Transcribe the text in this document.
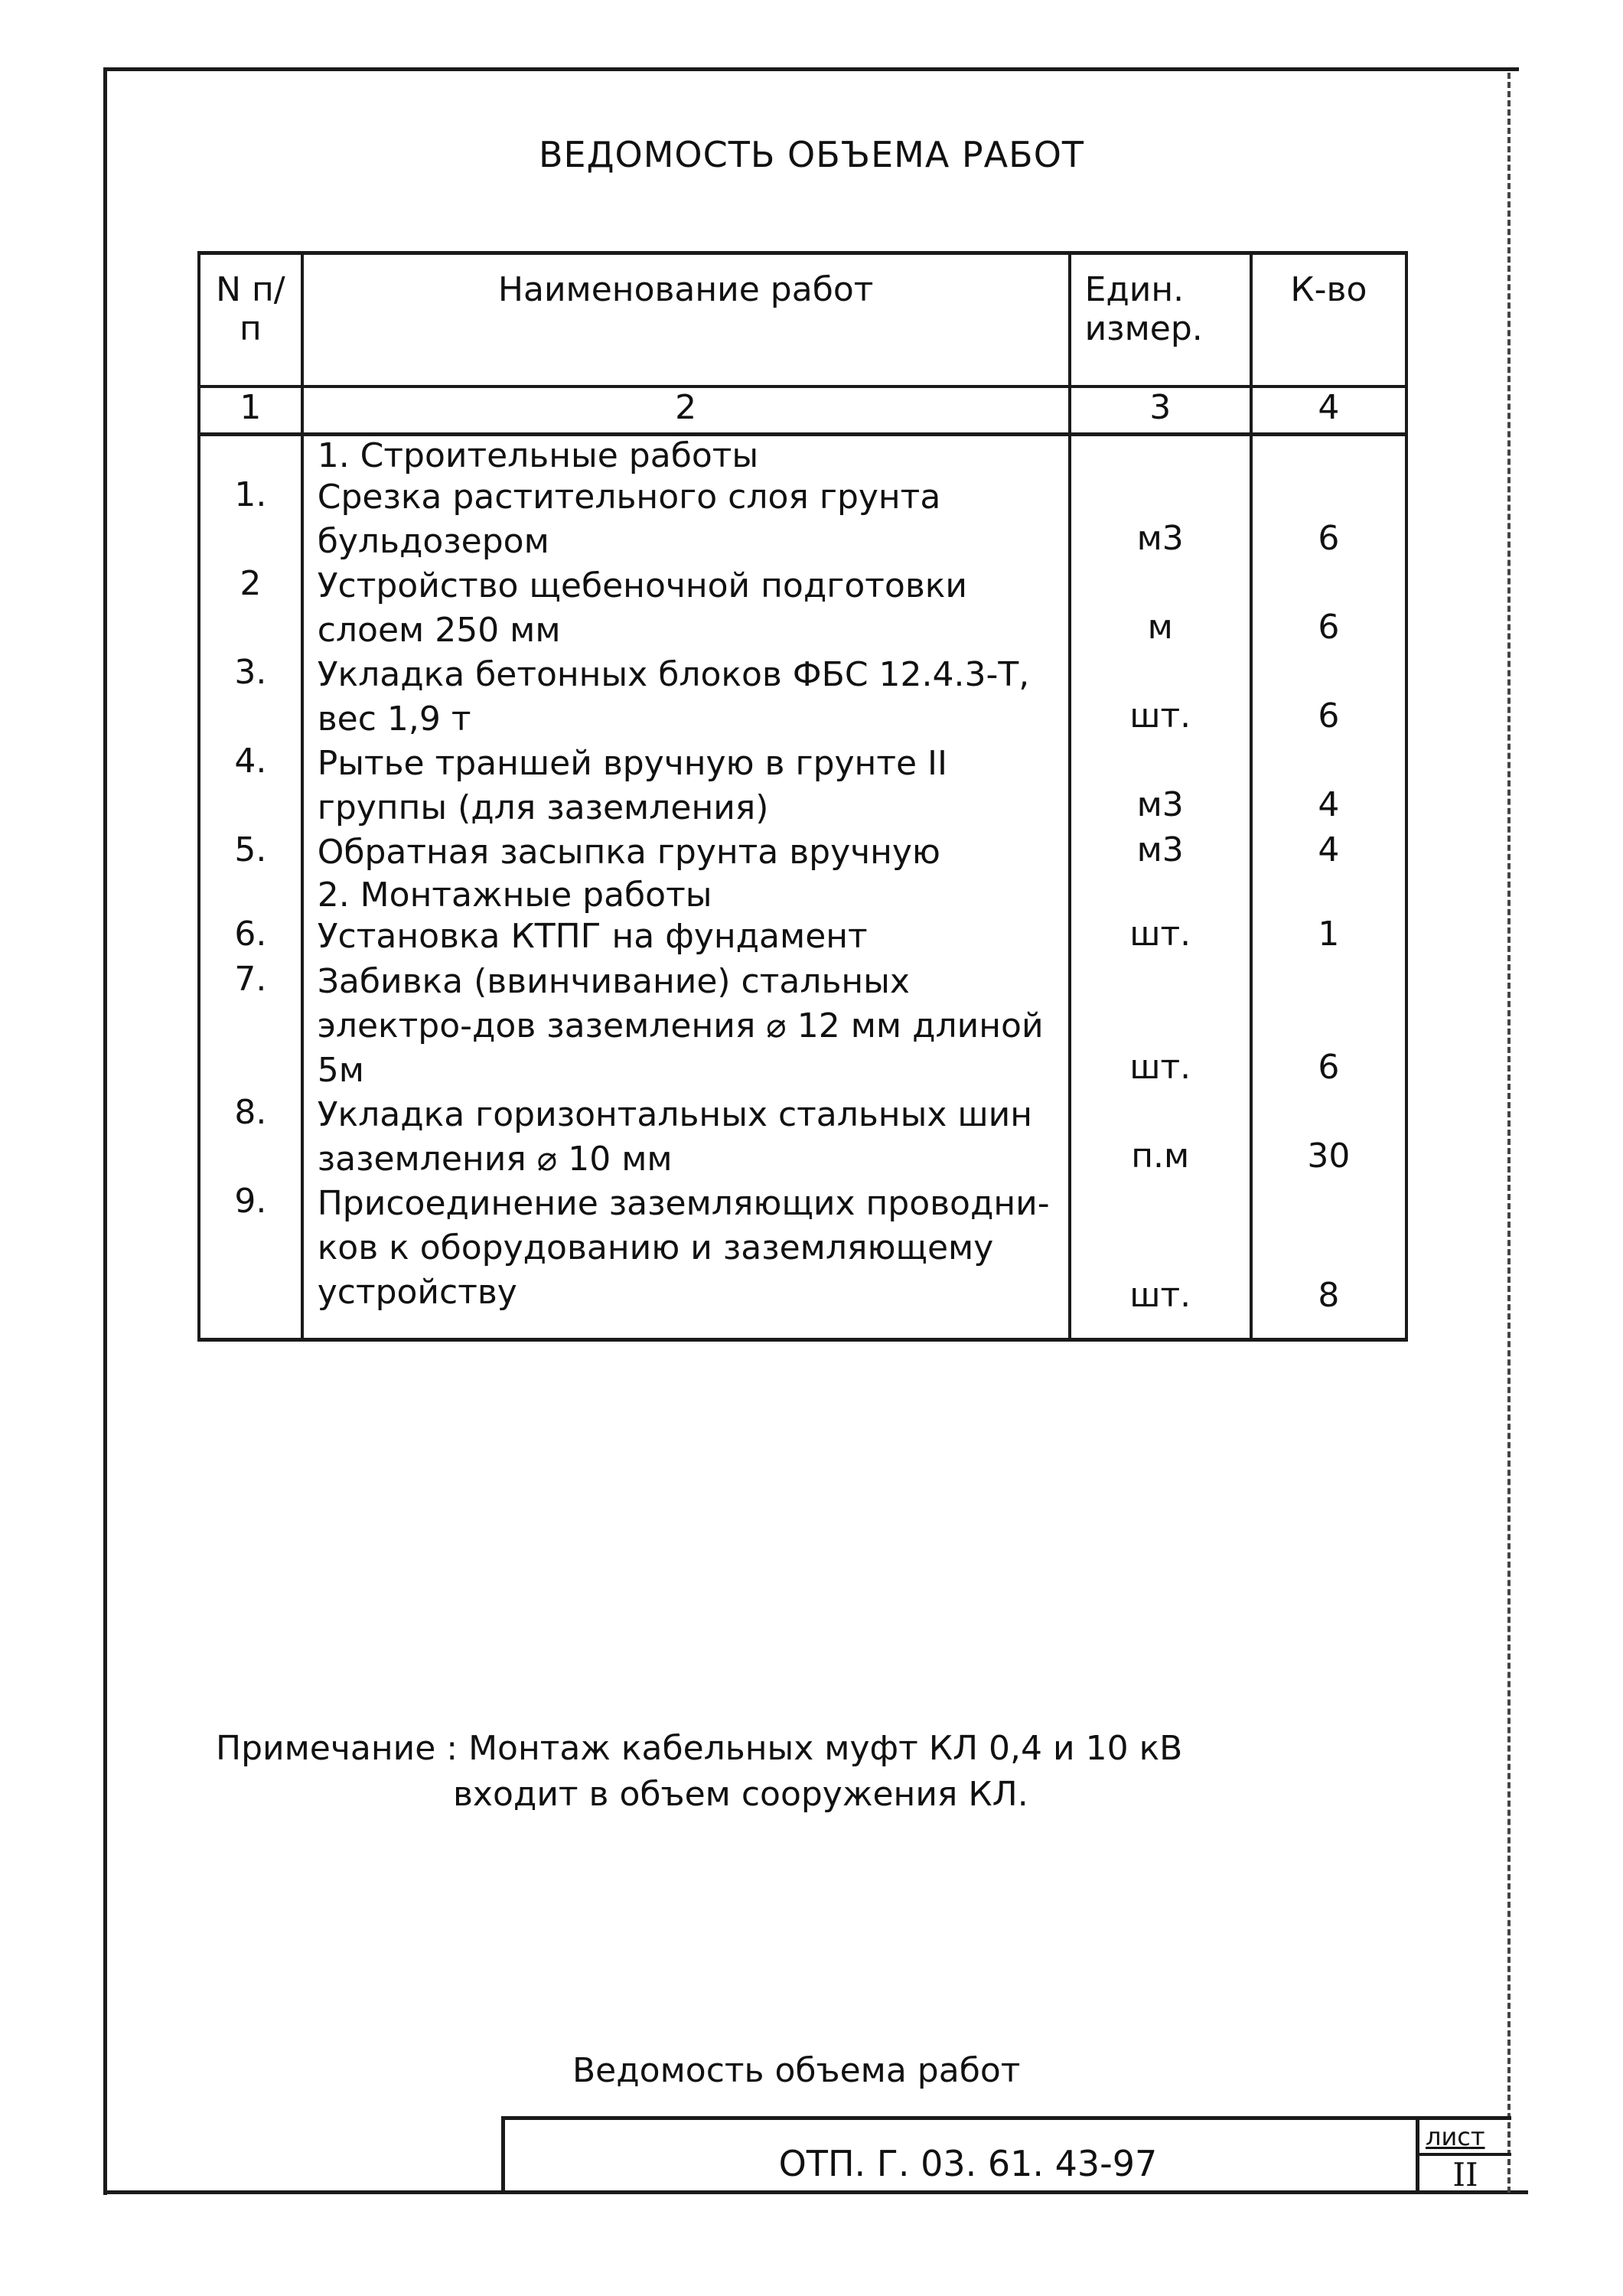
ВЕДОМОСТЬ ОБЪЕМА РАБОТ
N п/п	Наименование работ	Един. измер.	К-во
1	2	3	4
	1. Строительные работы		
1.	Срезка растительного слоя грунта бульдозером	м3	6
2	Устройство щебеночной подготовки слоем 250 мм	м	6
3.	Укладка бетонных блоков ФБС 12.4.3-Т, вес 1,9 т	шт.	6
4.	Рытье траншей вручную в грунте II группы (для заземления)	м3	4
5.	Обратная засыпка грунта вручную	м3	4
	2. Монтажные работы		
6.	Установка КТПГ на фундамент	шт.	1
7.	Забивка (ввинчивание) стальных электро-дов заземления ⌀ 12 мм длиной 5м	шт.	6
8.	Укладка горизонтальных стальных шин заземления ⌀ 10 мм	п.м	30
9.	Присоединение заземляющих проводни-ков к оборудованию и заземляющему устройству	шт.	8
Примечание : Монтаж кабельных муфт КЛ 0,4 и 10 кВ
входит в объем сооружения КЛ.
Ведомость объема работ
ОТП. Г. 03. 61. 43-97
лист
II
